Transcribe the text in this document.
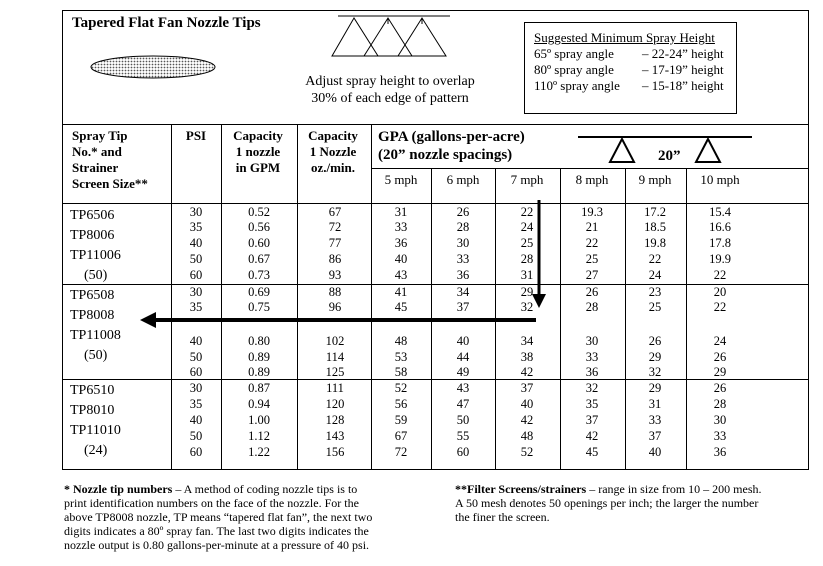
Tapered Flat Fan Nozzle Tips
Adjust spray height to overlap
30% of each edge of pattern
Suggested Minimum Spray Height
65º spray angle – 22-24” height
80º spray angle – 17-19” height
110º spray angle – 15-18” height
Spray Tip
No.* and
Strainer
Screen Size**
PSI	Capacity
1 nozzle
in GPM
Capacity
1 Nozzle
oz./min.
GPA (gallons-per-acre)
(20” nozzle spacings)	20”
5 mph	6 mph	7 mph	8 mph	9 mph	10 mph
TP6506
TP8006
TP11006
(50)
30	0.52	67	31	26	22	19.3	17.2	15.4
35	0.56	72	33	28	24	21	18.5	16.6
40	0.60	77	36	30	25	22	19.8	17.8
50	0.67	86	40	33	28	25	22	19.9
60	0.73	93	43	36	31	27	24	22
TP6508
TP8008
TP11008
(50)
30	0.69	88	41	34	29	26	23	20
35	0.75	96	45	37	32	28	25	22
40	0.80	102	48	40	34	30	26	24
50	0.89	114	53	44	38	33	29	26
60	0.89	125	58	49	42	36	32	29
TP6510
TP8010
TP11010
(24)
30	0.87	111	52	43	37	32	29	26
35	0.94	120	56	47	40	35	31	28
40	1.00	128	59	50	42	37	33	30
50	1.12	143	67	55	48	42	37	33
60	1.22	156	72	60	52	45	40	36
* Nozzle tip numbers – A method of coding nozzle tips is to
print identification numbers on the face of the nozzle. For the
above TP8008 nozzle, TP means “tapered flat fan”, the next two
digits indicates a 80º spray fan. The last two digits indicates the
nozzle output is 0.80 gallons-per-minute at a pressure of 40 psi.
**Filter Screens/strainers – range in size from 10 – 200 mesh.
A 50 mesh denotes 50 openings per inch; the larger the number
the finer the screen.
